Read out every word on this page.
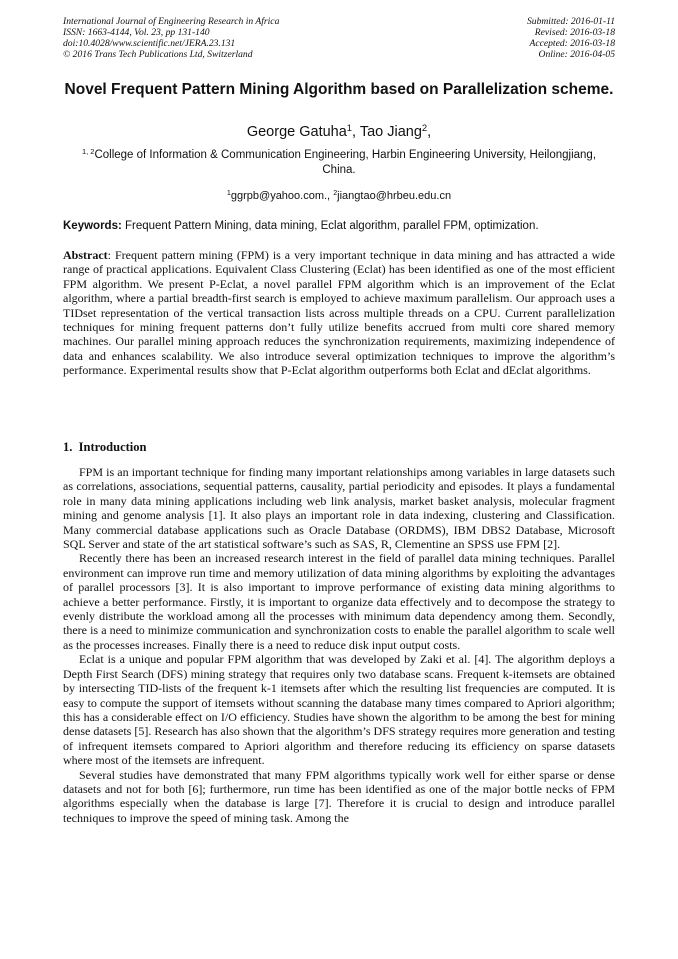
International Journal of Engineering Research in Africa
ISSN: 1663-4144, Vol. 23, pp 131-140
doi:10.4028/www.scientific.net/JERA.23.131
© 2016 Trans Tech Publications Ltd, Switzerland
Submitted: 2016-01-11
Revised: 2016-03-18
Accepted: 2016-03-18
Online: 2016-04-05
Novel Frequent Pattern Mining Algorithm based on Parallelization scheme.
George Gatuha$^1$, Tao Jiang$^2$,
$^{1, 2}$College of Information & Communication Engineering, Harbin Engineering University, Heilongjiang, China.
$^1$ggrpb@yahoo.com., $^2$jiangtao@hrbeu.edu.cn
Keywords: Frequent Pattern Mining, data mining, Eclat algorithm, parallel FPM, optimization.
Abstract: Frequent pattern mining (FPM) is a very important technique in data mining and has attracted a wide range of practical applications. Equivalent Class Clustering (Eclat) has been identified as one of the most efficient FPM algorithm. We present P-Eclat, a novel parallel FPM algorithm which is an improvement of the Eclat algorithm, where a partial breadth-first search is employed to achieve maximum parallelism. Our approach uses a TIDset representation of the vertical transaction lists across multiple threads on a CPU. Current parallelization techniques for mining frequent patterns don’t fully utilize benefits accrued from multi core shared memory machines. Our parallel mining approach reduces the synchronization requirements, maximizing independence of data and enhances scalability. We also introduce several optimization techniques to improve the algorithm’s performance. Experimental results show that P-Eclat algorithm outperforms both Eclat and dEclat algorithms.
1.  Introduction

FPM is an important technique for finding many important relationships among variables in large datasets such as correlations, associations, sequential patterns, causality, partial periodicity and episodes. It plays a fundamental role in many data mining applications including web link analysis, market basket analysis, molecular fragment mining and genome analysis [1]. It also plays an important role in data indexing, clustering and Classification. Many commercial database applications such as Oracle Database (ORDMS), IBM DBS2 Database, Microsoft SQL Server and state of the art statistical software’s such as SAS, R, Clementine an SPSS use FPM [2].

Recently there has been an increased research interest in the field of parallel data mining techniques. Parallel environment can improve run time and memory utilization of data mining algorithms by exploiting the advantages of parallel processors [3]. It is also important to improve performance of existing data mining algorithms to achieve a better performance. Firstly, it is important to organize data effectively and to decompose the strategy to evenly distribute the workload among all the processes with minimum data dependency among them. Secondly, there is a need to minimize communication and synchronization costs to enable the parallel algorithm to scale well as the processes increases. Finally there is a need to reduce disk input output costs.

Eclat is a unique and popular FPM algorithm that was developed by Zaki et al. [4]. The algorithm deploys a Depth First Search (DFS) mining strategy that requires only two database scans. Frequent k-itemsets are obtained by intersecting TID-lists of the frequent k-1 itemsets after which the resulting list frequencies are computed. It is easy to compute the support of itemsets without scanning the database many times compared to Apriori algorithm; this has a considerable effect on I/O efficiency. Studies have shown the algorithm to be among the best for mining dense datasets [5]. Research has also shown that the algorithm’s DFS strategy requires more generation and testing of infrequent itemsets compared to Apriori algorithm and therefore reducing its efficiency on sparse datasets where most of the itemsets are infrequent.

Several studies have demonstrated that many FPM algorithms typically work well for either sparse or dense datasets and not for both [6]; furthermore, run time has been identified as one of the major bottle necks of FPM algorithms especially when the database is large [7]. Therefore it is crucial to design and introduce parallel techniques to improve the speed of mining task. Among the
